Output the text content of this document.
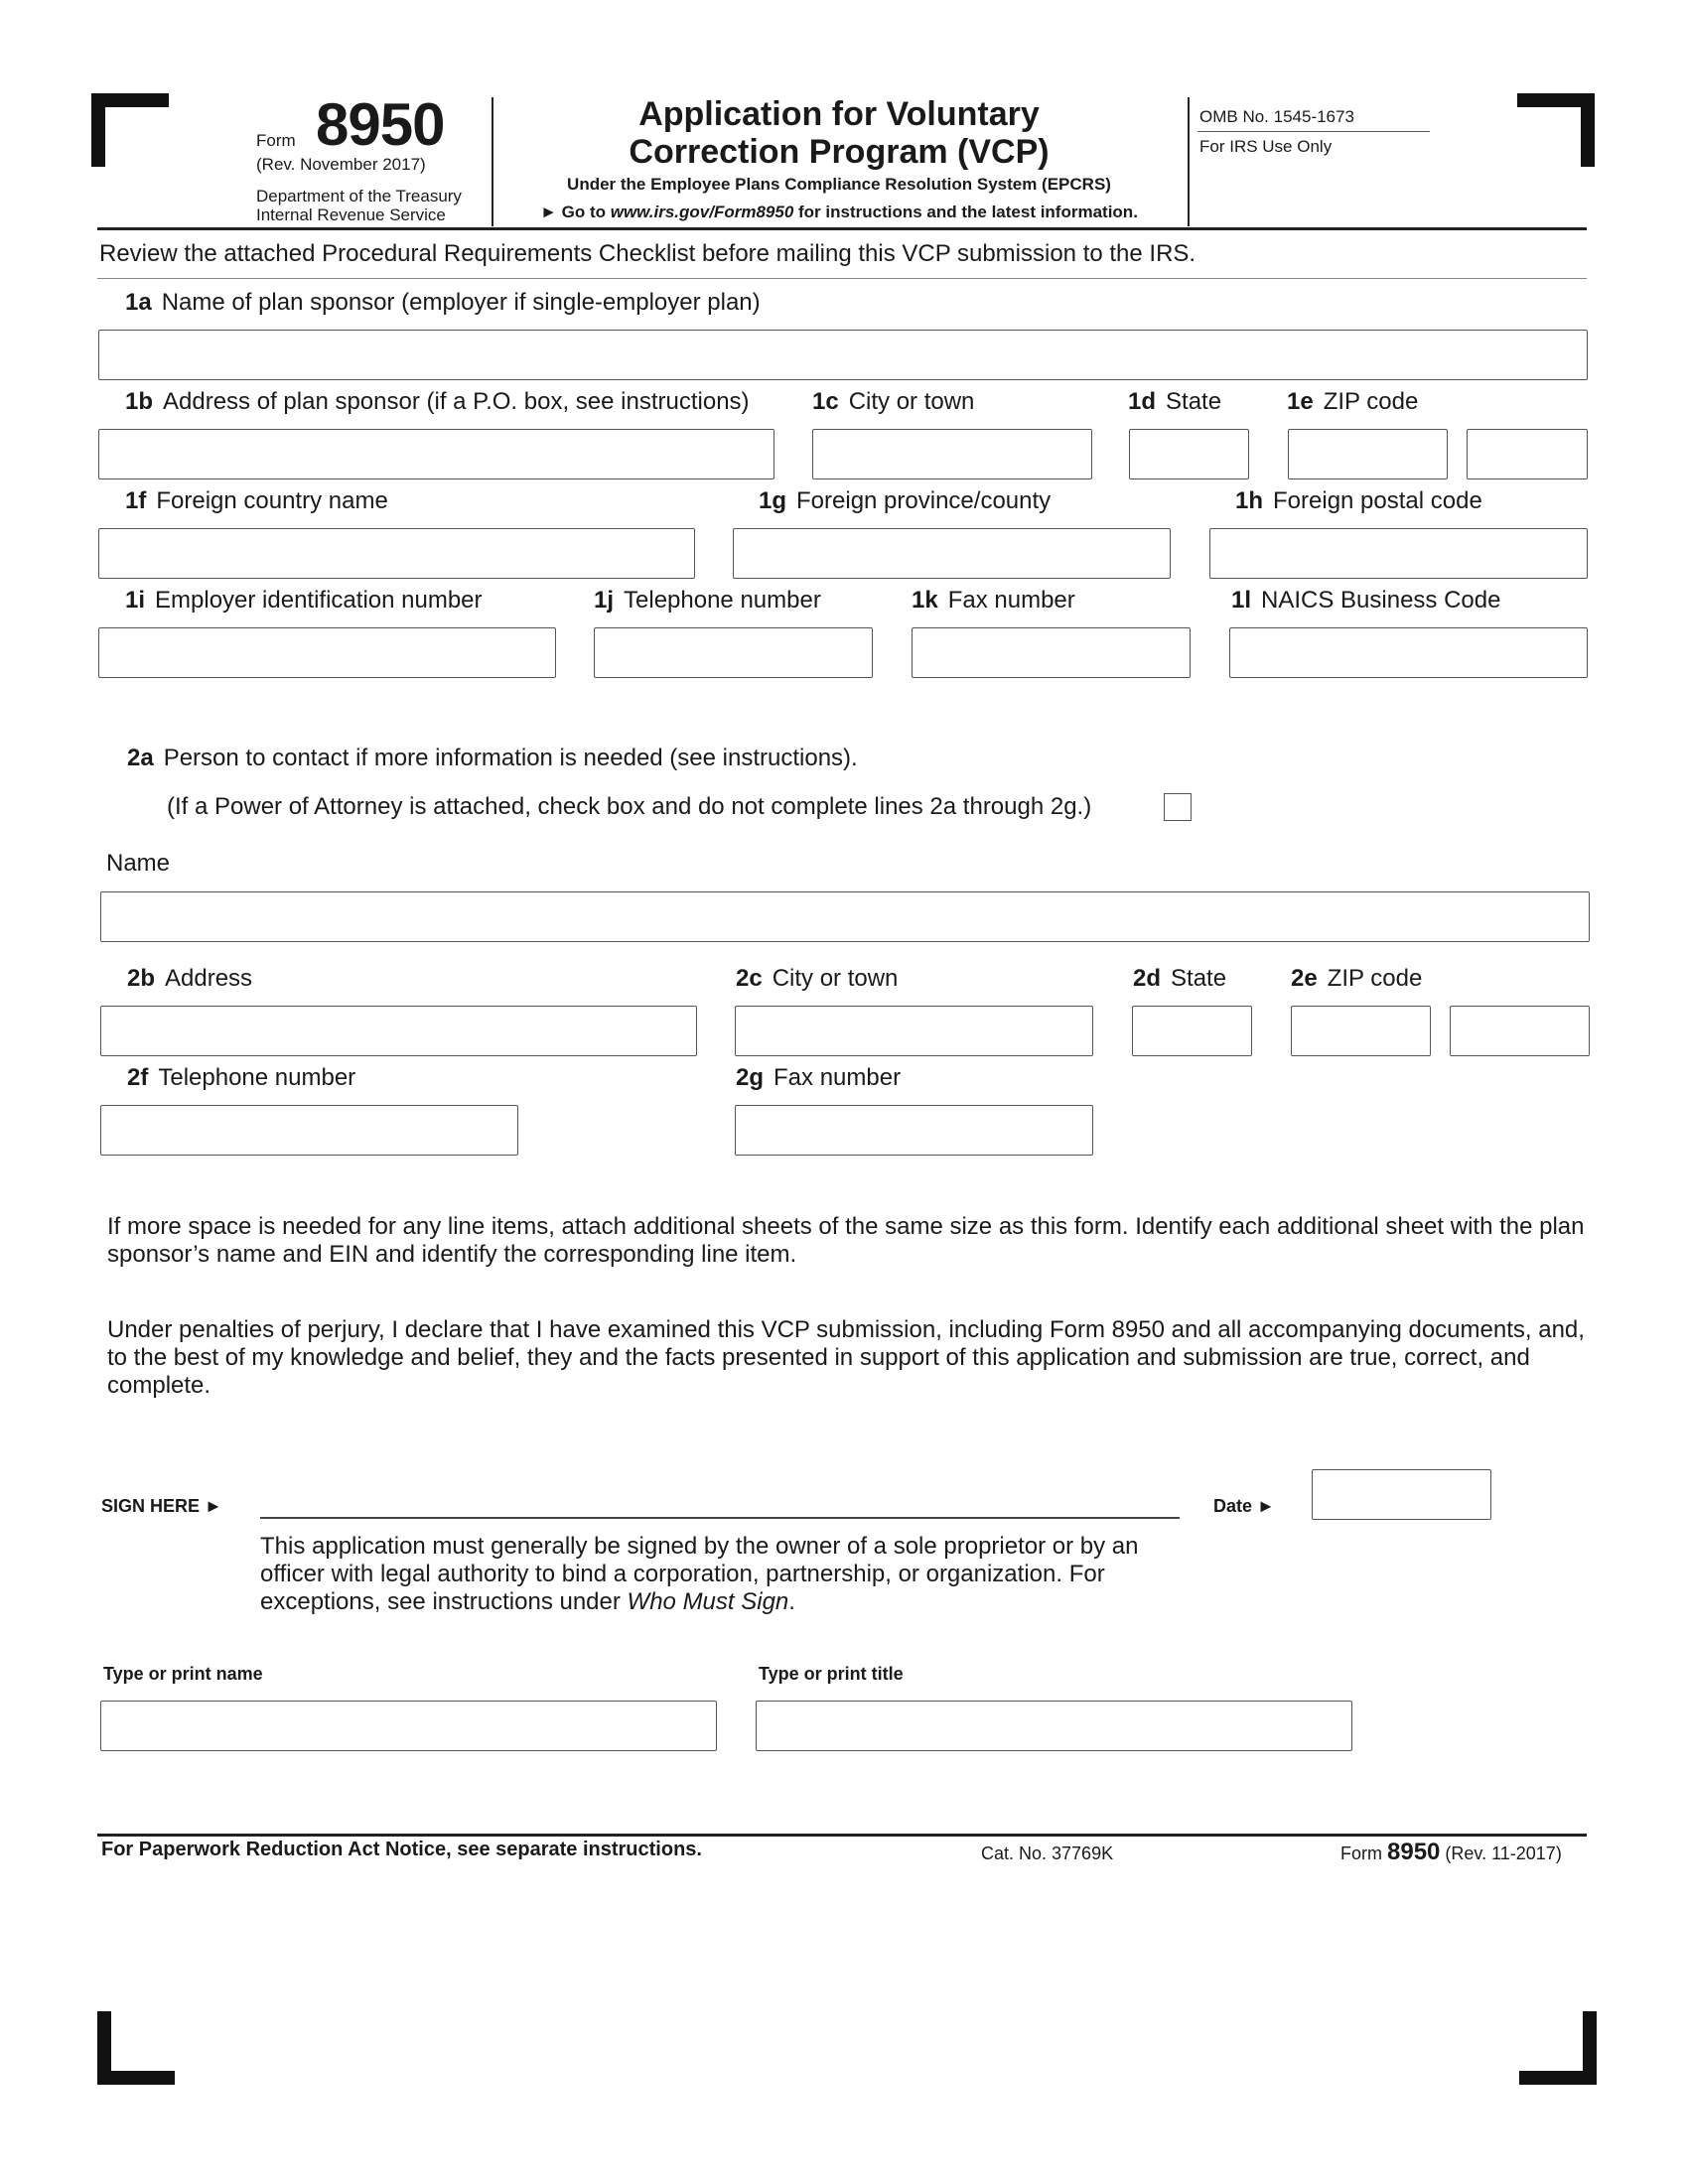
Form 8950
(Rev. November 2017)
Department of the Treasury
Internal Revenue Service
Application for Voluntary
Correction Program (VCP)
Under the Employee Plans Compliance Resolution System (EPCRS)
► Go to www.irs.gov/Form8950 for instructions and the latest information.
OMB No. 1545-1673
For IRS Use Only
Review the attached Procedural Requirements Checklist before mailing this VCP submission to the IRS.
1a Name of plan sponsor (employer if single-employer plan)
1b Address of plan sponsor (if a P.O. box, see instructions)	1c City or town	1d State	1e ZIP code
1f Foreign country name	1g Foreign province/county	1h Foreign postal code
1i Employer identification number	1j Telephone number	1k Fax number	1l NAICS Business Code
2a Person to contact if more information is needed (see instructions).
(If a Power of Attorney is attached, check box and do not complete lines 2a through 2g.)
Name
2b Address	2c City or town	2d State	2e ZIP code
2f Telephone number	2g Fax number
If more space is needed for any line items, attach additional sheets of the same size as this form. Identify each additional sheet with the plan sponsor’s name and EIN and identify the corresponding line item.
Under penalties of perjury, I declare that I have examined this VCP submission, including Form 8950 and all accompanying documents, and, to the best of my knowledge and belief, they and the facts presented in support of this application and submission are true, correct, and complete.
SIGN HERE ►	Date ►
This application must generally be signed by the owner of a sole proprietor or by an officer with legal authority to bind a corporation, partnership, or organization. For exceptions, see instructions under Who Must Sign.
Type or print name	Type or print title
For Paperwork Reduction Act Notice, see separate instructions.	Cat. No. 37769K	Form 8950 (Rev. 11-2017)
